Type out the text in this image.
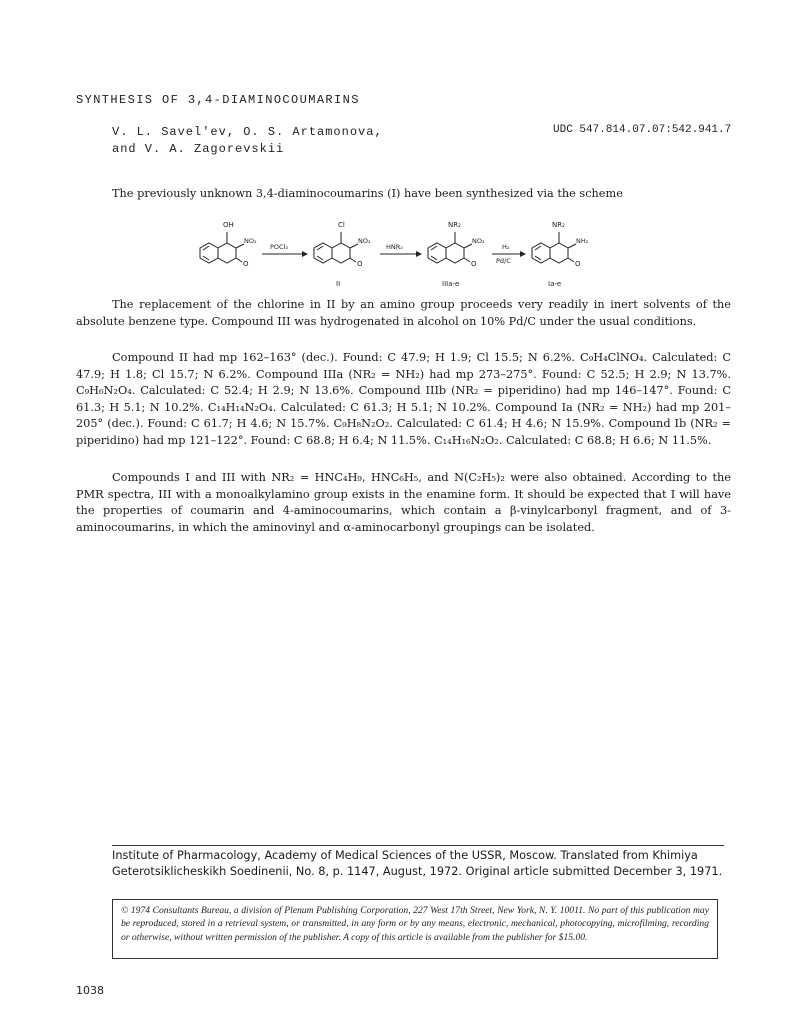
SYNTHESIS OF 3,4-DIAMINOCOUMARINS
V. L. Savel'ev, O. S. Artamonova,
and V. A. Zagorevskii
UDC 547.814.07.07:542.941.7
The previously unknown 3,4-diaminocoumarins (I) have been synthesized via the scheme
OH
NO₂
O
POCl₃
Cl
NO₂
O
II
HNR₂
NR₂
NO₂
O
IIIa-e
H₂
Pd/C
NR₂
NH₂
O
Ia-e
The replacement of the chlorine in II by an amino group proceeds very readily in inert solvents of the absolute benzene type. Compound III was hydrogenated in alcohol on 10% Pd/C under the usual conditions.
Compound II had mp 162–163° (dec.). Found: C 47.9; H 1.9; Cl 15.5; N 6.2%. C₉H₄ClNO₄. Calculated: C 47.9; H 1.8; Cl 15.7; N 6.2%. Compound IIIa (NR₂ = NH₂) had mp 273–275°. Found: C 52.5; H 2.9; N 13.7%. C₉H₆N₂O₄. Calculated: C 52.4; H 2.9; N 13.6%. Compound IIIb (NR₂ = piperidino) had mp 146–147°. Found: C 61.3; H 5.1; N 10.2%. C₁₄H₁₄N₂O₄. Calculated: C 61.3; H 5.1; N 10.2%. Compound Ia (NR₂ = NH₂) had mp 201–205° (dec.). Found: C 61.7; H 4.6; N 15.7%. C₉H₈N₂O₂. Calculated: C 61.4; H 4.6; N 15.9%. Compound Ib (NR₂ = piperidino) had mp 121–122°. Found: C 68.8; H 6.4; N 11.5%. C₁₄H₁₆N₂O₂. Calculated: C 68.8; H 6.6; N 11.5%.
Compounds I and III with NR₂ = HNC₄H₉, HNC₆H₅, and N(C₂H₅)₂ were also obtained. According to the PMR spectra, III with a monoalkylamino group exists in the enamine form. It should be expected that I will have the properties of coumarin and 4-aminocoumarins, which contain a β-vinylcarbonyl fragment, and of 3-aminocoumarins, in which the aminovinyl and α-aminocarbonyl groupings can be isolated.
Institute of Pharmacology, Academy of Medical Sciences of the USSR, Moscow. Translated from Khimiya Geterotsiklicheskikh Soedinenii, No. 8, p. 1147, August, 1972. Original article submitted December 3, 1971.
© 1974 Consultants Bureau, a division of Plenum Publishing Corporation, 227 West 17th Street, New York, N. Y. 10011. No part of this publication may be reproduced, stored in a retrieval system, or transmitted, in any form or by any means, electronic, mechanical, photocopying, microfilming, recording or otherwise, without written permission of the publisher. A copy of this article is available from the publisher for $15.00.
1038
